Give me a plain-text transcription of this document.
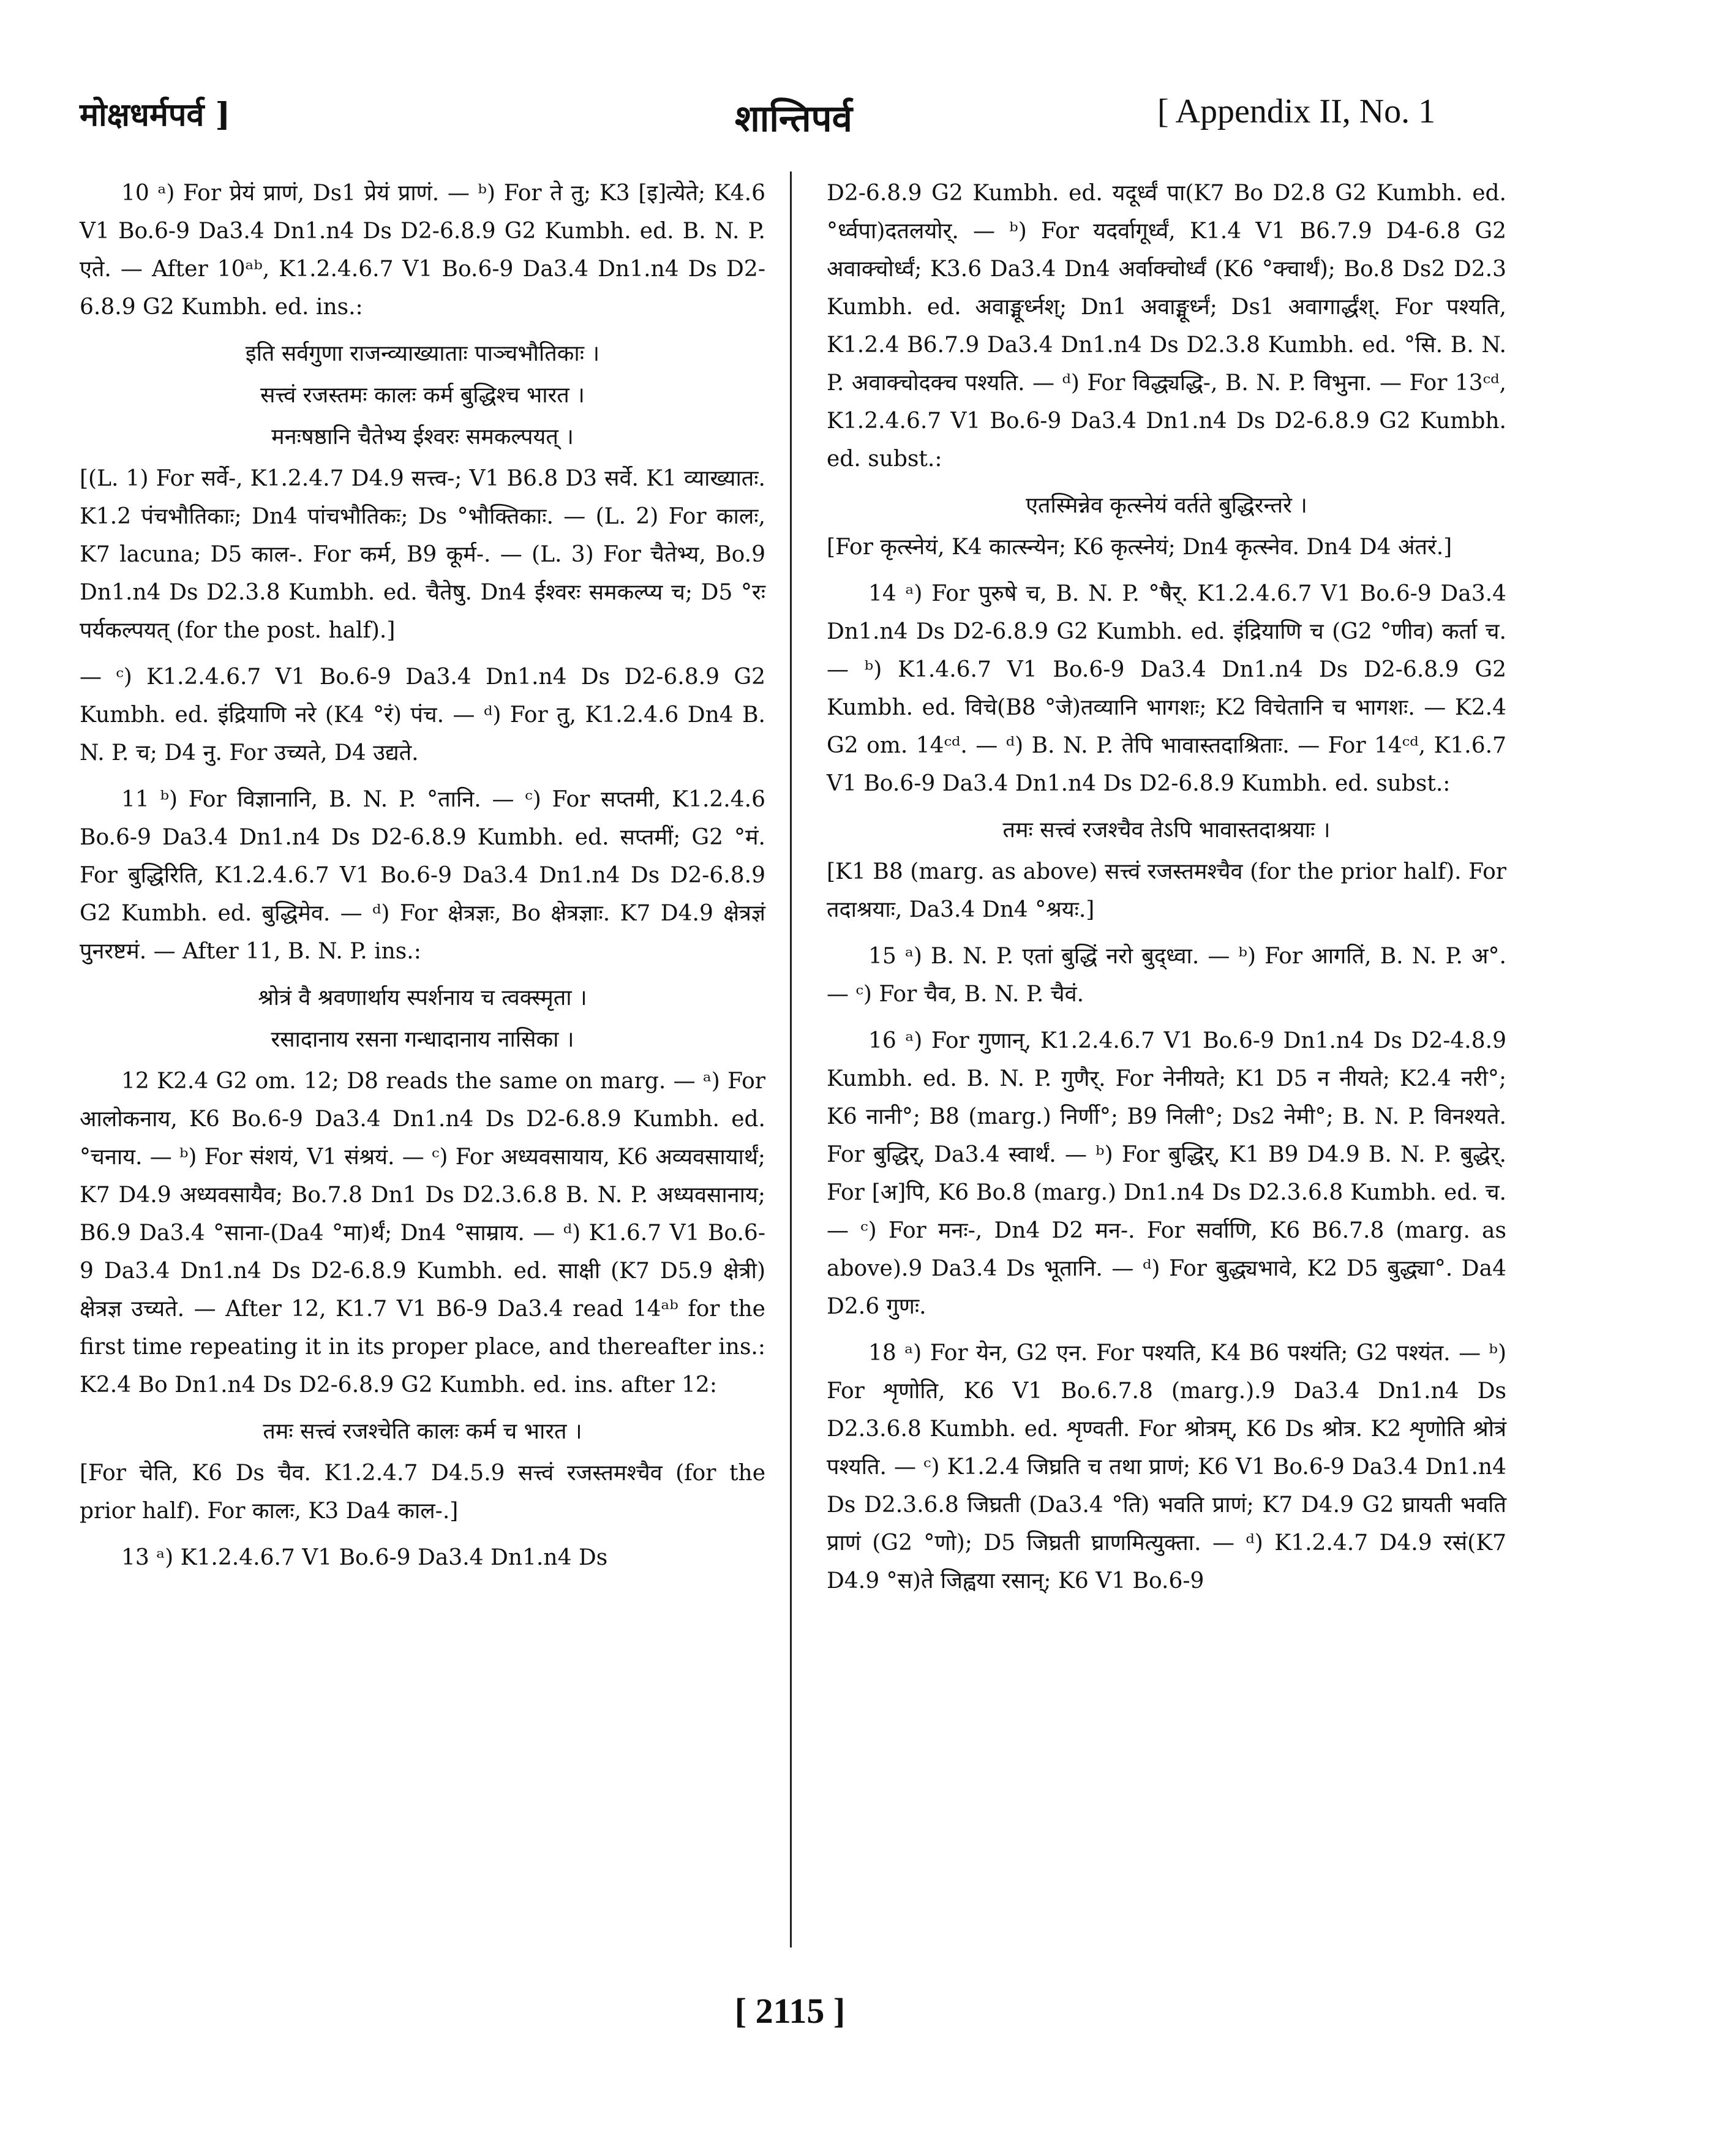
मोक्षधर्मपर्व ]	शान्तिपर्व	[ Appendix II, No. 1

10 ᵃ) For प्रेयं प्राणं, Ds1 प्रेयं प्राणं. — ᵇ) For ते तु; K3 [इ]त्येते; K4.6 V1 Bo.6-9 Da3.4 Dn1.n4 Ds D2-6.8.9 G2 Kumbh. ed. B. N. P. एते. — After 10ᵃᵇ, K1.2.4.6.7 V1 Bo.6-9 Da3.4 Dn1.n4 Ds D2-6.8.9 G2 Kumbh. ed. ins.:

इति सर्वगुणा राजन्व्याख्याताः पाञ्चभौतिकाः ।

सत्त्वं रजस्तमः कालः कर्म बुद्धिश्च भारत ।

मनःषष्ठानि चैतेभ्य ईश्वरः समकल्पयत् ।

[(L. 1) For सर्वे-, K1.2.4.7 D4.9 सत्त्व-; V1 B6.8 D3 सर्वे. K1 व्याख्यातः. K1.2 पंचभौतिकाः; Dn4 पांचभौतिकः; Ds °भौक्तिकाः. — (L. 2) For कालः, K7 lacuna; D5 काल-. For कर्म, B9 कूर्म-. — (L. 3) For चैतेभ्य, Bo.9 Dn1.n4 Ds D2.3.8 Kumbh. ed. चैतेषु. Dn4 ईश्वरः समकल्प्य च; D5 °रः पर्यकल्पयत् (for the post. half).]

— ᶜ) K1.2.4.6.7 V1 Bo.6-9 Da3.4 Dn1.n4 Ds D2-6.8.9 G2 Kumbh. ed. इंद्रियाणि नरे (K4 °रं) पंच. — ᵈ) For तु, K1.2.4.6 Dn4 B. N. P. च; D4 नु. For उच्यते, D4 उद्यते.

11 ᵇ) For विज्ञानानि, B. N. P. °तानि. — ᶜ) For सप्तमी, K1.2.4.6 Bo.6-9 Da3.4 Dn1.n4 Ds D2-6.8.9 Kumbh. ed. सप्तमीं; G2 °मं. For बुद्धिरिति, K1.2.4.6.7 V1 Bo.6-9 Da3.4 Dn1.n4 Ds D2-6.8.9 G2 Kumbh. ed. बुद्धिमेव. — ᵈ) For क्षेत्रज्ञः, Bo क्षेत्रज्ञाः. K7 D4.9 क्षेत्रज्ञं पुनरष्टमं. — After 11, B. N. P. ins.:

श्रोत्रं वै श्रवणार्थाय स्पर्शनाय च त्वक्स्मृता ।

रसादानाय रसना गन्धादानाय नासिका ।

12 K2.4 G2 om. 12; D8 reads the same on marg. — ᵃ) For आलोकनाय, K6 Bo.6-9 Da3.4 Dn1.n4 Ds D2-6.8.9 Kumbh. ed. °चनाय. — ᵇ) For संशयं, V1 संश्रयं. — ᶜ) For अध्यवसायाय, K6 अव्यवसायार्थं; K7 D4.9 अध्यवसायैव; Bo.7.8 Dn1 Ds D2.3.6.8 B. N. P. अध्यवसानाय; B6.9 Da3.4 °साना-(Da4 °मा)र्थं; Dn4 °साम्राय. — ᵈ) K1.6.7 V1 Bo.6-9 Da3.4 Dn1.n4 Ds D2-6.8.9 Kumbh. ed. साक्षी (K7 D5.9 क्षेत्री) क्षेत्रज्ञ उच्यते. — After 12, K1.7 V1 B6-9 Da3.4 read 14ᵃᵇ for the first time repeating it in its proper place, and thereafter ins.: K2.4 Bo Dn1.n4 Ds D2-6.8.9 G2 Kumbh. ed. ins. after 12:

तमः सत्त्वं रजश्चेति कालः कर्म च भारत ।

[For चेति, K6 Ds चैव. K1.2.4.7 D4.5.9 सत्त्वं रजस्तमश्चैव (for the prior half). For कालः, K3 Da4 काल-.]

13 ᵃ) K1.2.4.6.7 V1 Bo.6-9 Da3.4 Dn1.n4 Ds

D2-6.8.9 G2 Kumbh. ed. यदूर्ध्वं पा(K7 Bo D2.8 G2 Kumbh. ed. °र्ध्वपा)दतलयोर्. — ᵇ) For यदर्वागूर्ध्वं, K1.4 V1 B6.7.9 D4-6.8 G2 अवाक्चोर्ध्वं; K3.6 Da3.4 Dn4 अर्वाक्चोर्ध्वं (K6 °क्चार्थं); Bo.8 Ds2 D2.3 Kumbh. ed. अवाङ्मूर्ध्नश्; Dn1 अवाङ्मूर्ध्नं; Ds1 अवागार्द्धंश्. For पश्यति, K1.2.4 B6.7.9 Da3.4 Dn1.n4 Ds D2.3.8 Kumbh. ed. °सि. B. N. P. अवाक्चोदक्च पश्यति. — ᵈ) For विद्ध्यद्धि-, B. N. P. विभुना. — For 13ᶜᵈ, K1.2.4.6.7 V1 Bo.6-9 Da3.4 Dn1.n4 Ds D2-6.8.9 G2 Kumbh. ed. subst.:

एतस्मिन्नेव कृत्स्नेयं वर्तते बुद्धिरन्तरे ।

[For कृत्स्नेयं, K4 कात्स्न्येन; K6 कृत्स्नेयं; Dn4 कृत्स्नेव. Dn4 D4 अंतरं.]

14 ᵃ) For पुरुषे च, B. N. P. °षैर्. K1.2.4.6.7 V1 Bo.6-9 Da3.4 Dn1.n4 Ds D2-6.8.9 G2 Kumbh. ed. इंद्रियाणि च (G2 °णीव) कर्ता च. — ᵇ) K1.4.6.7 V1 Bo.6-9 Da3.4 Dn1.n4 Ds D2-6.8.9 G2 Kumbh. ed. विचे(B8 °जे)तव्यानि भागशः; K2 विचेतानि च भागशः. — K2.4 G2 om. 14ᶜᵈ. — ᵈ) B. N. P. तेपि भावास्तदाश्रिताः. — For 14ᶜᵈ, K1.6.7 V1 Bo.6-9 Da3.4 Dn1.n4 Ds D2-6.8.9 Kumbh. ed. subst.:

तमः सत्त्वं रजश्चैव तेऽपि भावास्तदाश्रयाः ।

[K1 B8 (marg. as above) सत्त्वं रजस्तमश्चैव (for the prior half). For तदाश्रयाः, Da3.4 Dn4 °श्रयः.]

15 ᵃ) B. N. P. एतां बुद्धिं नरो बुद्ध्वा. — ᵇ) For आगतिं, B. N. P. अ°. — ᶜ) For चैव, B. N. P. चैवं.

16 ᵃ) For गुणान्, K1.2.4.6.7 V1 Bo.6-9 Dn1.n4 Ds D2-4.8.9 Kumbh. ed. B. N. P. गुणैर्. For नेनीयते; K1 D5 न नीयते; K2.4 नरी°; K6 नानी°; B8 (marg.) निर्णी°; B9 निली°; Ds2 नेमी°; B. N. P. विनश्यते. For बुद्धिर्, Da3.4 स्वार्थं. — ᵇ) For बुद्धिर्, K1 B9 D4.9 B. N. P. बुद्धेर्. For [अ]पि, K6 Bo.8 (marg.) Dn1.n4 Ds D2.3.6.8 Kumbh. ed. च. — ᶜ) For मनः-, Dn4 D2 मन-. For सर्वाणि, K6 B6.7.8 (marg. as above).9 Da3.4 Ds भूतानि. — ᵈ) For बुद्ध्यभावे, K2 D5 बुद्ध्या°. Da4 D2.6 गुणः.

18 ᵃ) For येन, G2 एन. For पश्यति, K4 B6 पश्यंति; G2 पश्यंत. — ᵇ) For शृणोति, K6 V1 Bo.6.7.8 (marg.).9 Da3.4 Dn1.n4 Ds D2.3.6.8 Kumbh. ed. शृण्वती. For श्रोत्रम्, K6 Ds श्रोत्र. K2 शृणोति श्रोत्रं पश्यति. — ᶜ) K1.2.4 जिघ्रति च तथा प्राणं; K6 V1 Bo.6-9 Da3.4 Dn1.n4 Ds D2.3.6.8 जिघ्रती (Da3.4 °ति) भवति प्राणं; K7 D4.9 G2 घ्रायती भवति प्राणं (G2 °णो); D5 जिघ्रती घ्राणमित्युक्ता. — ᵈ) K1.2.4.7 D4.9 रसं(K7 D4.9 °स)ते जिह्वया रसान्; K6 V1 Bo.6-9

[ 2115 ]
